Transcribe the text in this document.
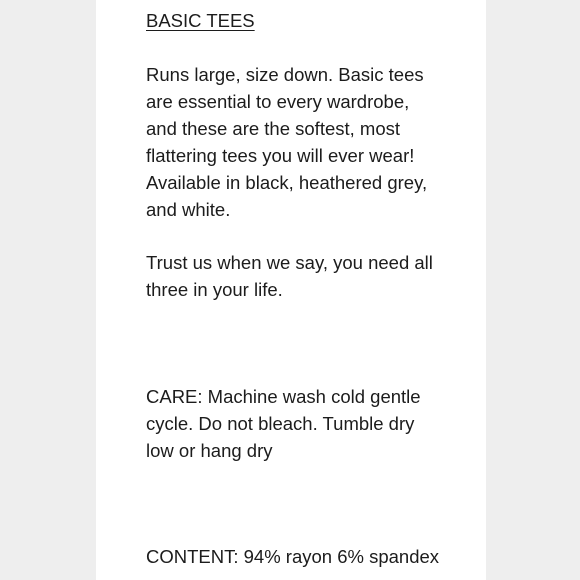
BASIC TEES

Runs large, size down. Basic tees
are essential to every wardrobe,
and these are the softest, most
flattering tees you will ever wear!
Available in black, heathered grey,
and white.
Trust us when we say, you need all
three in your life.
CARE: Machine wash cold gentle
cycle. Do not bleach. Tumble dry
low or hang dry

CONTENT: 94% rayon 6% spandex
